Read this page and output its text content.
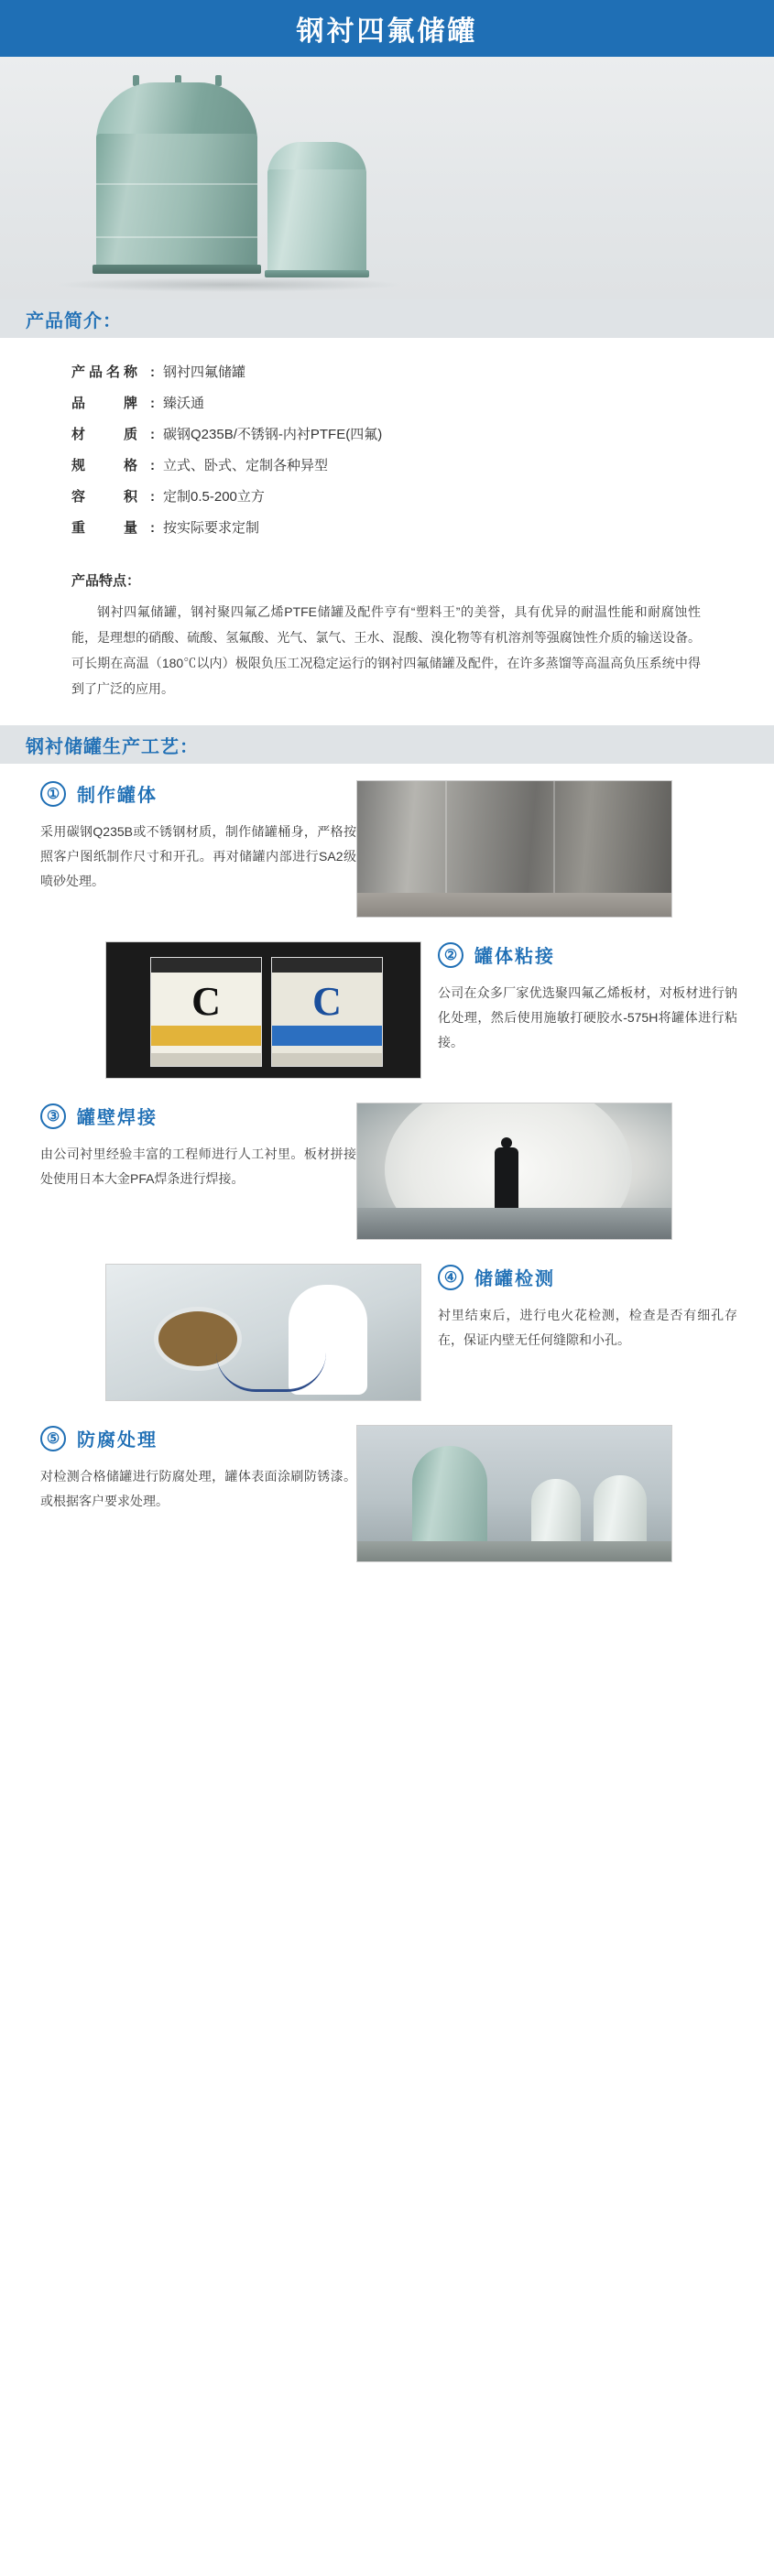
钢衬四氟储罐
产品简介：
产品名称 : 钢衬四氟储罐
品　　牌 : 臻沃通
材　　质 : 碳钢Q235B/不锈钢-内衬PTFE(四氟)
规　　格 : 立式、卧式、定制各种异型
容　　积 : 定制0.5-200立方
重　　量 : 按实际要求定制
产品特点：

钢衬四氟储罐，钢衬聚四氟乙烯PTFE储罐及配件亨有“塑料王”的美誉，具有优异的耐温性能和耐腐蚀性能，是理想的硝酸、硫酸、氢氟酸、光气、氯气、王水、混酸、溴化物等有机溶剂等强腐蚀性介质的输送设备。可长期在高温（180℃以内）极限负压工况稳定运行的钢衬四氟储罐及配件，在许多蒸馏等高温高负压系统中得到了广泛的应用。

钢衬储罐生产工艺：
① 制作罐体
采用碳钢Q235B或不锈钢材质，制作储罐桶身，严格按照客户图纸制作尺寸和开孔。再对储罐内部进行SA2级喷砂处理。
② 罐体粘接
公司在众多厂家优选聚四氟乙烯板材，对板材进行钠化处理，然后使用施敏打硬胶水-575H将罐体进行粘接。
C C
③ 罐壁焊接
由公司衬里经验丰富的工程师进行人工衬里。板材拼接处使用日本大金PFA焊条进行焊接。
④ 储罐检测
衬里结束后，进行电火花检测，检查是否有细孔存在，保证内壁无任何缝隙和小孔。
⑤ 防腐处理
对检测合格储罐进行防腐处理，罐体表面涂刷防锈漆。或根据客户要求处理。
